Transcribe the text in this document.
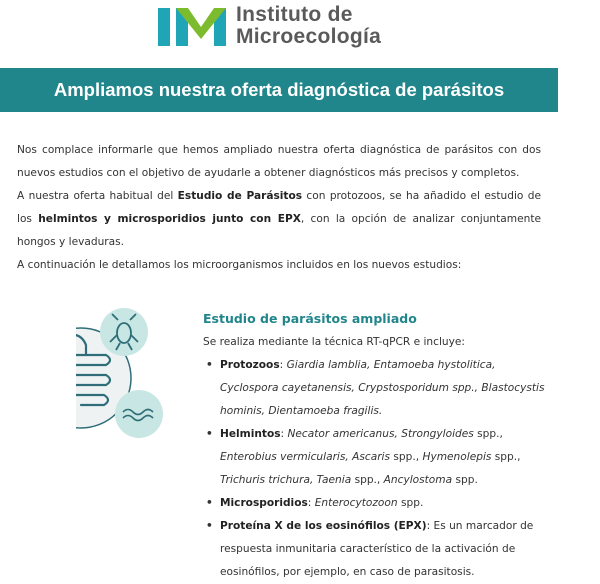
Instituto de
Microecología
Ampliamos nuestra oferta diagnóstica de parásitos

Nos complace informarle que hemos ampliado nuestra oferta diagnóstica de parásitos con dos nuevos estudios con el objetivo de ayudarle a obtener diagnósticos más precisos y completos.

A nuestra oferta habitual del Estudio de Parásitos con protozoos, se ha añadido el estudio de los helmintos y microsporidios junto con EPX, con la opción de analizar conjuntamente hongos y levaduras.

A continuación le detallamos los microorganismos incluidos en los nuevos estudios:

Estudio de parásitos ampliado
Se realiza mediante la técnica RT-qPCR e incluye:
• Protozoos: Giardia lamblia, Entamoeba hystolitica, Cyclospora cayetanensis, Crypstosporidum spp., Blastocystis hominis, Dientamoeba fragilis.
• Helmintos: Necator americanus, Strongyloides spp., Enterobius vermicularis, Ascaris spp., Hymenolepis spp., Trichuris trichura, Taenia spp., Ancylostoma spp.
• Microsporidios: Enterocytozoon spp.
• Proteína X de los eosinófilos (EPX): Es un marcador de respuesta inmunitaria característico de la activación de eosinófilos, por ejemplo, en caso de parasitosis.
